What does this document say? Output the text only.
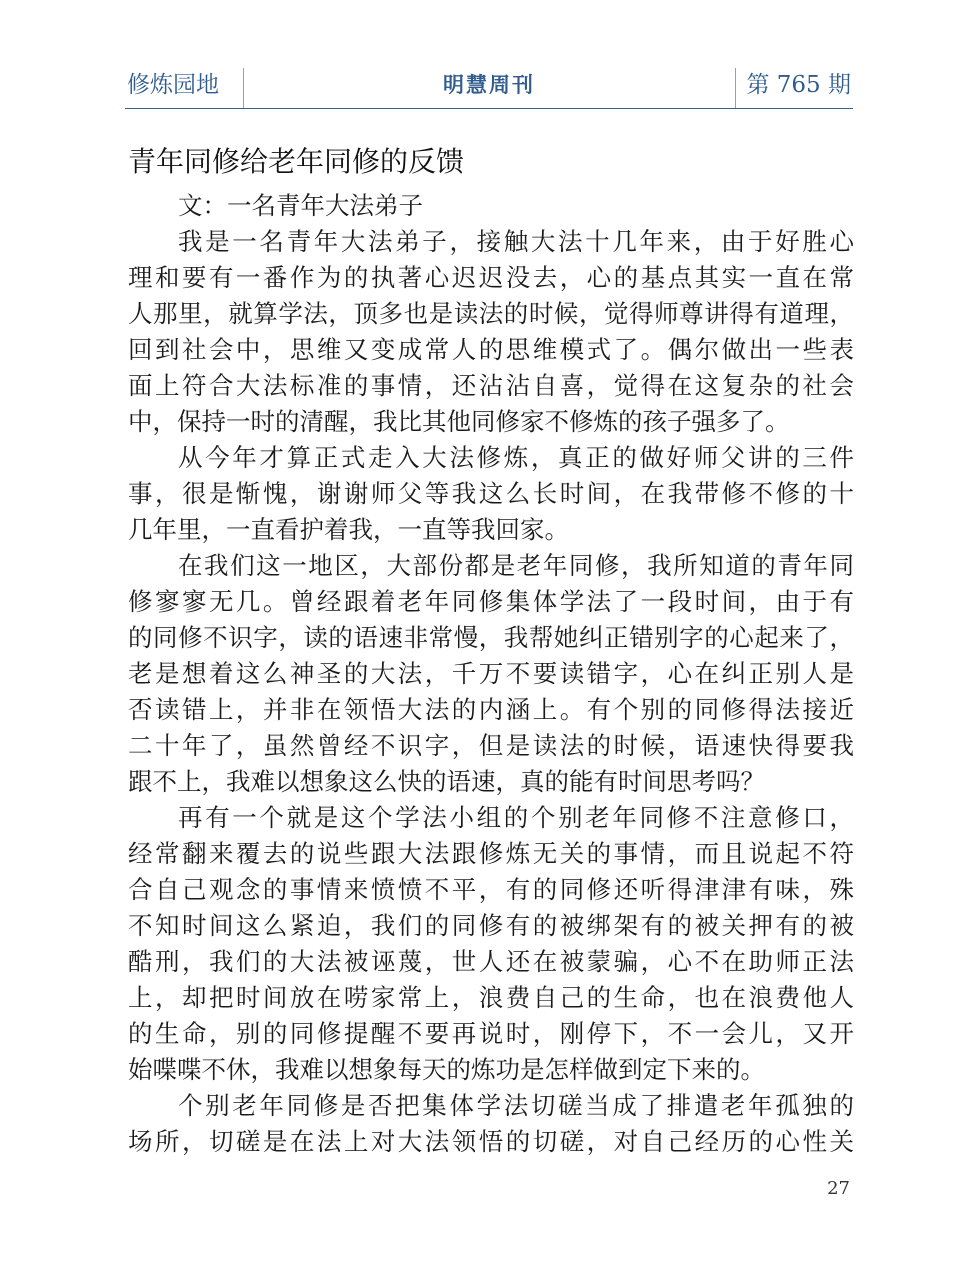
修炼园地	明慧周刊	第 765 期
青年同修给老年同修的反馈
文：一名青年大法弟子
我是一名青年大法弟子，接触大法十几年来，由于好胜心
理和要有一番作为的执著心迟迟没去，心的基点其实一直在常
人那里，就算学法，顶多也是读法的时候，觉得师尊讲得有道理，
回到社会中，思维又变成常人的思维模式了。偶尔做出一些表
面上符合大法标准的事情，还沾沾自喜，觉得在这复杂的社会
中，保持一时的清醒，我比其他同修家不修炼的孩子强多了。
从今年才算正式走入大法修炼，真正的做好师父讲的三件
事，很是惭愧，谢谢师父等我这么长时间，在我带修不修的十
几年里，一直看护着我，一直等我回家。
在我们这一地区，大部份都是老年同修，我所知道的青年同
修寥寥无几。曾经跟着老年同修集体学法了一段时间，由于有
的同修不识字，读的语速非常慢，我帮她纠正错别字的心起来了，
老是想着这么神圣的大法，千万不要读错字，心在纠正别人是
否读错上，并非在领悟大法的内涵上。有个别的同修得法接近
二十年了，虽然曾经不识字，但是读法的时候，语速快得要我
跟不上，我难以想象这么快的语速，真的能有时间思考吗？
再有一个就是这个学法小组的个别老年同修不注意修口，
经常翻来覆去的说些跟大法跟修炼无关的事情，而且说起不符
合自己观念的事情来愤愤不平，有的同修还听得津津有味，殊
不知时间这么紧迫，我们的同修有的被绑架有的被关押有的被
酷刑，我们的大法被诬蔑，世人还在被蒙骗，心不在助师正法
上，却把时间放在唠家常上，浪费自己的生命，也在浪费他人
的生命，别的同修提醒不要再说时，刚停下，不一会儿，又开
始喋喋不休，我难以想象每天的炼功是怎样做到定下来的。
个别老年同修是否把集体学法切磋当成了排遣老年孤独的
场所，切磋是在法上对大法领悟的切磋，对自己经历的心性关
27
